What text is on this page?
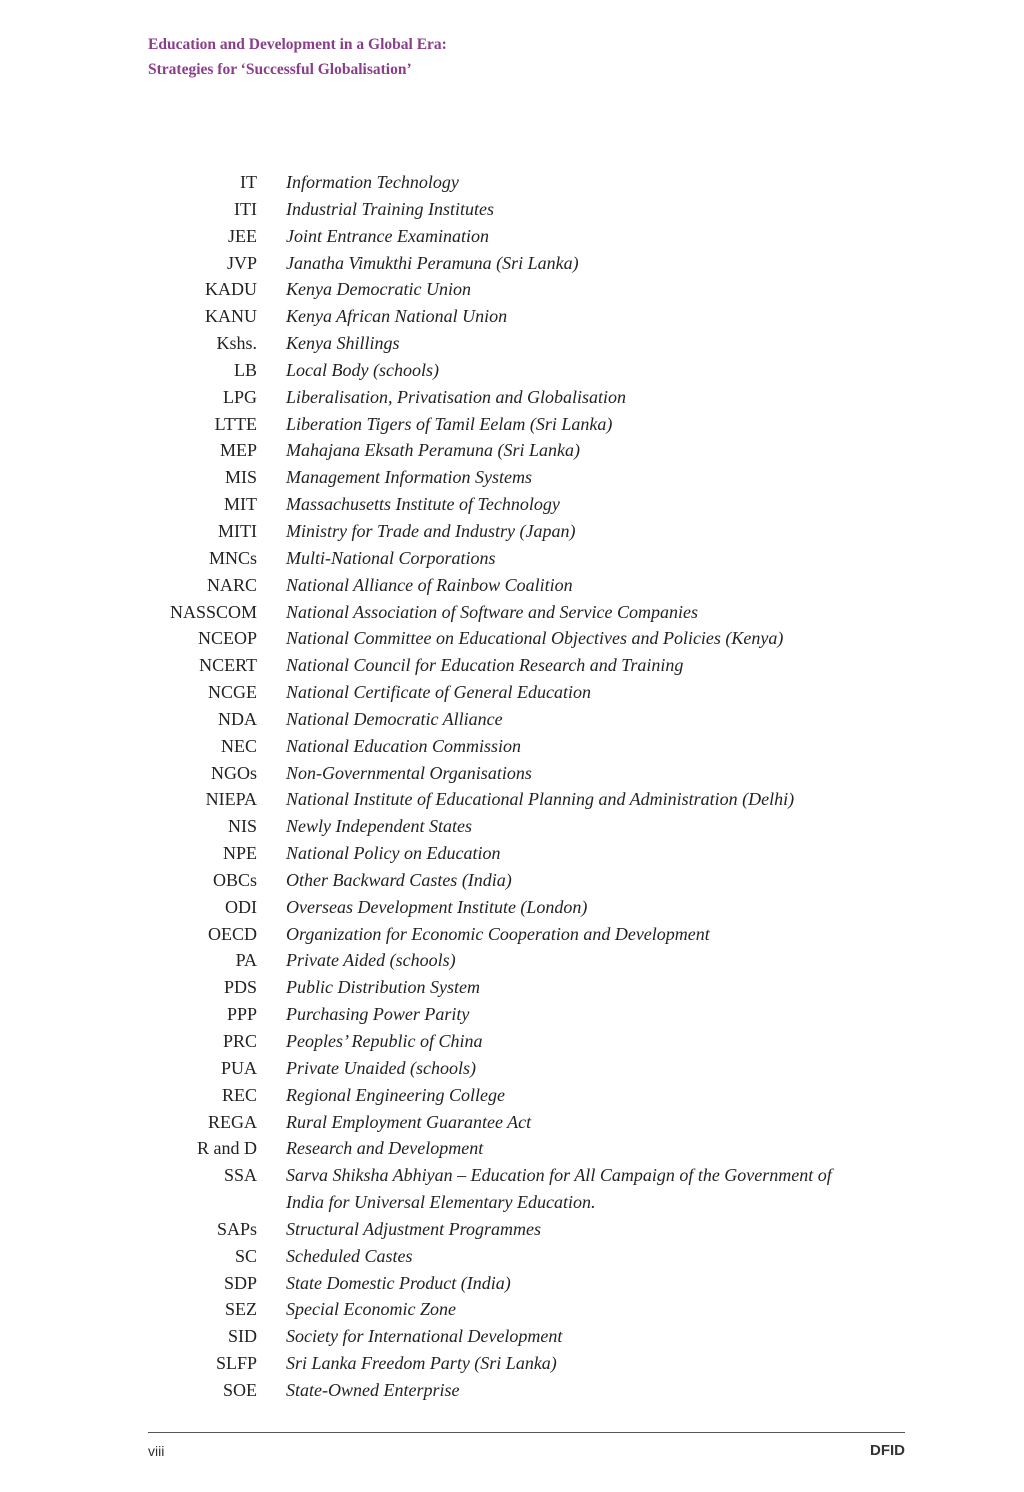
Education and Development in a Global Era:
Strategies for ‘Successful Globalisation’
IT Information Technology
ITI Industrial Training Institutes
JEE Joint Entrance Examination
JVP Janatha Vimukthi Peramuna (Sri Lanka)
KADU Kenya Democratic Union
KANU Kenya African National Union
Kshs. Kenya Shillings
LB Local Body (schools)
LPG Liberalisation, Privatisation and Globalisation
LTTE Liberation Tigers of Tamil Eelam (Sri Lanka)
MEP Mahajana Eksath Peramuna (Sri Lanka)
MIS Management Information Systems
MIT Massachusetts Institute of Technology
MITI Ministry for Trade and Industry (Japan)
MNCs Multi-National Corporations
NARC National Alliance of Rainbow Coalition
NASSCOM National Association of Software and Service Companies
NCEOP National Committee on Educational Objectives and Policies (Kenya)
NCERT National Council for Education Research and Training
NCGE National Certificate of General Education
NDA National Democratic Alliance
NEC National Education Commission
NGOs Non-Governmental Organisations
NIEPA National Institute of Educational Planning and Administration (Delhi)
NIS Newly Independent States
NPE National Policy on Education
OBCs Other Backward Castes (India)
ODI Overseas Development Institute (London)
OECD Organization for Economic Cooperation and Development
PA Private Aided (schools)
PDS Public Distribution System
PPP Purchasing Power Parity
PRC Peoples’ Republic of China
PUA Private Unaided (schools)
REC Regional Engineering College
REGA Rural Employment Guarantee Act
R and D Research and Development
SSA Sarva Shiksha Abhiyan – Education for All Campaign of the Government of India for Universal Elementary Education.
SAPs Structural Adjustment Programmes
SC Scheduled Castes
SDP State Domestic Product (India)
SEZ Special Economic Zone
SID Society for International Development
SLFP Sri Lanka Freedom Party (Sri Lanka)
SOE State-Owned Enterprise
viii	DFID
